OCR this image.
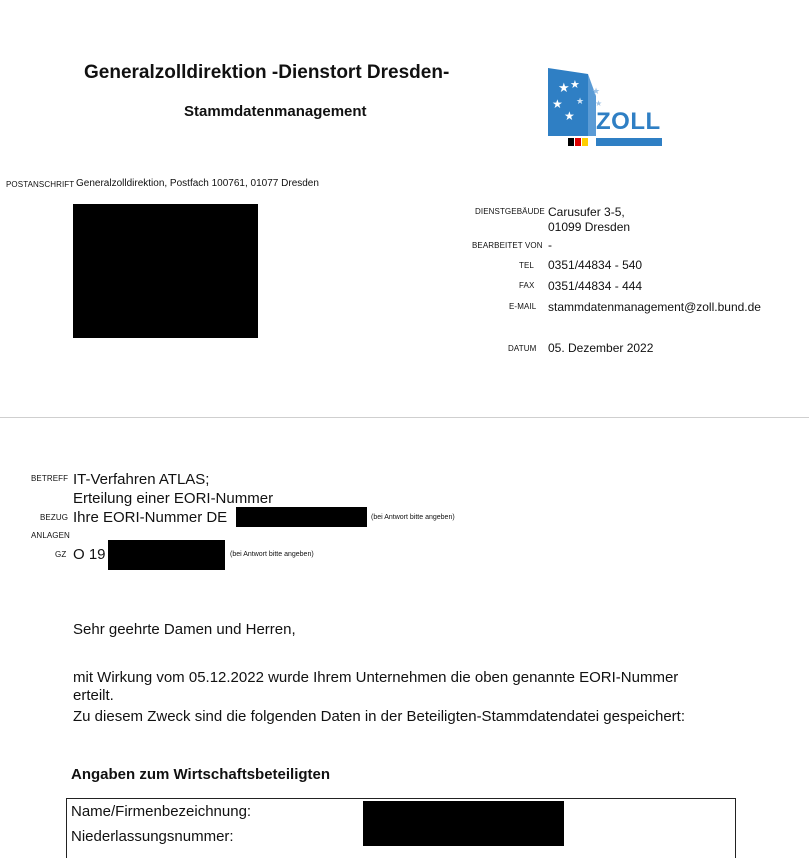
Generalzolldirektion -Dienstort Dresden-
Stammdatenmanagement
★ ★
★
★
★
★
★
ZOLL
POSTANSCHRIFT Generalzolldirektion, Postfach 100761, 01077 Dresden
DIENSTGEBÄUDE Carusufer 3-5,
01099 Dresden
BEARBEITET VON -
TEL 0351/44834 - 540
FAX 0351/44834 - 444
E-MAIL stammdatenmanagement@zoll.bund.de
DATUM 05. Dezember 2022
BETREFF IT-Verfahren ATLAS;
Erteilung einer EORI-Nummer
BEZUG Ihre EORI-Nummer DE	(bei Antwort bitte angeben)
ANLAGEN
GZ O 19	(bei Antwort bitte angeben)
Sehr geehrte Damen und Herren,
mit Wirkung vom 05.12.2022 wurde Ihrem Unternehmen die oben genannte EORI-Nummer
erteilt.
Zu diesem Zweck sind die folgenden Daten in der Beteiligten-Stammdatendatei gespeichert:
Angaben zum Wirtschaftsbeteiligten
Name/Firmenbezeichnung:
Niederlassungsnummer:
